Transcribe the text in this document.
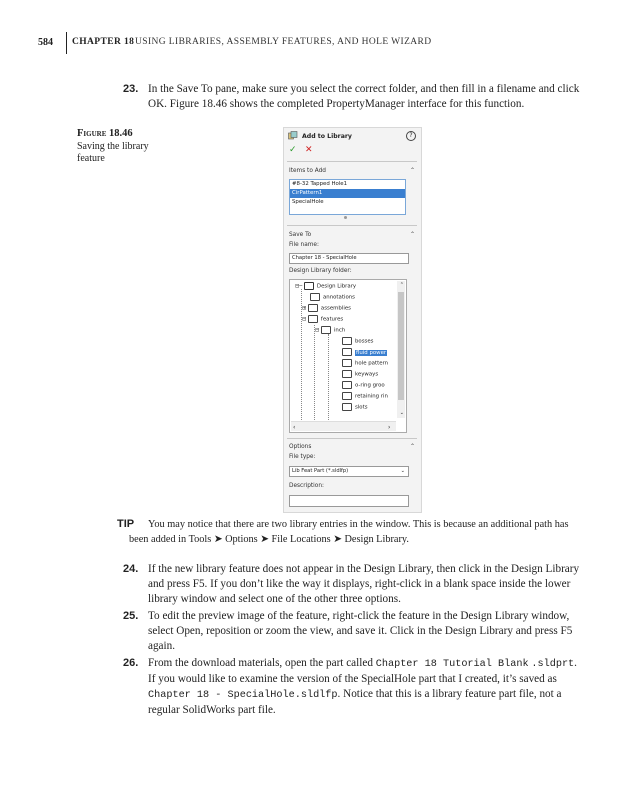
584 CHAPTER 18 USING LIBRARIES, ASSEMBLY FEATURES, AND HOLE WIZARD
23. In the Save To pane, make sure you select the correct folder, and then fill in a filename and click OK. Figure 18.46 shows the completed PropertyManager interface for this function.
Figure 18.46
Saving the library feature
Add to Library	?
✓ ✕
Items to Add	⌃
#8-32 Tapped Hole1
CirPattern1
SpecialHole
Save To	⌃
File name:
Chapter 18 - SpecialHole
Design Library folder:
⊟─	Design Library
annotations
⊞	assemblies
⊟	features
⊟	inch
bosses
fluid power
hole pattern
keyways
o-ring groo
retaining rin
slots
⌃
⌄
‹	›
Options	⌃
File type:
Lib Feat Part (*.sldlfp)	⌄
Description:
TIP	You may notice that there are two library entries in the window. This is because an additional path has been added in Tools ➤ Options ➤ File Locations ➤ Design Library.
24. If the new library feature does not appear in the Design Library, then click in the Design Library and press F5. If you don’t like the way it displays, right-click in a blank space inside the lower library window and select one of the other three options.
25. To edit the preview image of the feature, right-click the feature in the Design Library window, select Open, reposition or zoom the view, and save it. Click in the Design Library and press F5 again.
26. From the download materials, open the part called Chapter 18 Tutorial Blank .sldprt. If you would like to examine the version of the SpecialHole part that I created, it’s saved as Chapter 18 - SpecialHole.sldlfp. Notice that this is a library feature part file, not a regular SolidWorks part file.
